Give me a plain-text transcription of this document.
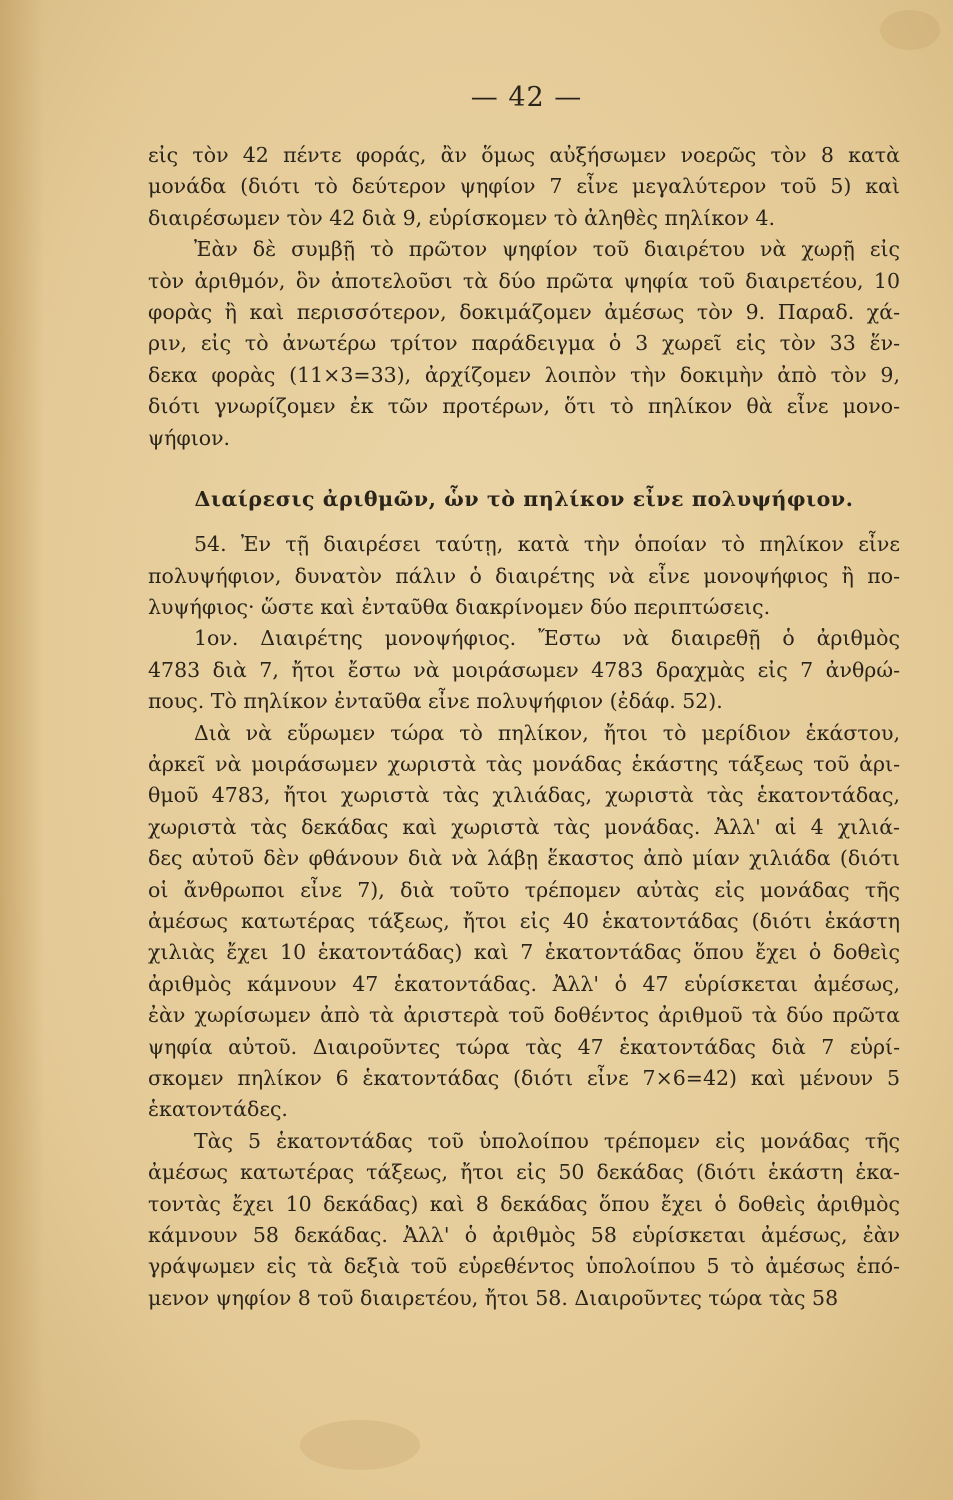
— 42 —
εἰς τὸν 42 πέντε φοράς, ἂν ὅμως αὐξήσωμεν νοερῶς τὸν 8 κατὰ
μονάδα (διότι τὸ δεύτερον ψηφίον 7 εἶνε μεγαλύτερον τοῦ 5) καὶ
διαιρέσωμεν τὸν 42 διὰ 9, εὑρίσκομεν τὸ ἀληθὲς πηλίκον 4.
Ἐὰν δὲ συμβῇ τὸ πρῶτον ψηφίον τοῦ διαιρέτου νὰ χωρῇ εἰς
τὸν ἀριθμόν, ὃν ἀποτελοῦσι τὰ δύο πρῶτα ψηφία τοῦ διαιρετέου, 10
φορὰς ἢ καὶ περισσότερον, δοκιμάζομεν ἀμέσως τὸν 9. Παραδ. χά-
ριν, εἰς τὸ ἀνωτέρω τρίτον παράδειγμα ὁ 3 χωρεῖ εἰς τὸν 33 ἕν-
δεκα φορὰς (11×3=33), ἀρχίζομεν λοιπὸν τὴν δοκιμὴν ἀπὸ τὸν 9,
διότι γνωρίζομεν ἐκ τῶν προτέρων, ὅτι τὸ πηλίκον θὰ εἶνε μονο-
ψήφιον.
Διαίρεσις ἀριθμῶν, ὧν τὸ πηλίκον εἶνε πολυψήφιον.
54. Ἐν τῇ διαιρέσει ταύτῃ, κατὰ τὴν ὁποίαν τὸ πηλίκον εἶνε
πολυψήφιον, δυνατὸν πάλιν ὁ διαιρέτης νὰ εἶνε μονοψήφιος ἢ πο-
λυψήφιος· ὥστε καὶ ἐνταῦθα διακρίνομεν δύο περιπτώσεις.
1ον. Διαιρέτης μονοψήφιος. Ἔστω νὰ διαιρεθῇ ὁ ἀριθμὸς
4783 διὰ 7, ἤτοι ἔστω νὰ μοιράσωμεν 4783 δραχμὰς εἰς 7 ἀνθρώ-
πους. Τὸ πηλίκον ἐνταῦθα εἶνε πολυψήφιον (ἐδάφ. 52).
Διὰ νὰ εὕρωμεν τώρα τὸ πηλίκον, ἤτοι τὸ μερίδιον ἑκάστου,
ἀρκεῖ νὰ μοιράσωμεν χωριστὰ τὰς μονάδας ἑκάστης τάξεως τοῦ ἀρι-
θμοῦ 4783, ἤτοι χωριστὰ τὰς χιλιάδας, χωριστὰ τὰς ἑκατοντάδας,
χωριστὰ τὰς δεκάδας καὶ χωριστὰ τὰς μονάδας. Ἀλλ' αἱ 4 χιλιά-
δες αὐτοῦ δὲν φθάνουν διὰ νὰ λάβῃ ἕκαστος ἀπὸ μίαν χιλιάδα (διότι
οἱ ἄνθρωποι εἶνε 7), διὰ τοῦτο τρέπομεν αὐτὰς εἰς μονάδας τῆς
ἀμέσως κατωτέρας τάξεως, ἤτοι εἰς 40 ἑκατοντάδας (διότι ἑκάστη
χιλιὰς ἔχει 10 ἑκατοντάδας) καὶ 7 ἑκατοντάδας ὅπου ἔχει ὁ δοθεὶς
ἀριθμὸς κάμνουν 47 ἑκατοντάδας. Ἀλλ' ὁ 47 εὑρίσκεται ἀμέσως,
ἐὰν χωρίσωμεν ἀπὸ τὰ ἀριστερὰ τοῦ δοθέντος ἀριθμοῦ τὰ δύο πρῶτα
ψηφία αὐτοῦ. Διαιροῦντες τώρα τὰς 47 ἑκατοντάδας διὰ 7 εὑρί-
σκομεν πηλίκον 6 ἑκατοντάδας (διότι εἶνε 7×6=42) καὶ μένουν 5
ἑκατοντάδες.
Τὰς 5 ἑκατοντάδας τοῦ ὑπολοίπου τρέπομεν εἰς μονάδας τῆς
ἀμέσως κατωτέρας τάξεως, ἤτοι εἰς 50 δεκάδας (διότι ἑκάστη ἑκα-
τοντὰς ἔχει 10 δεκάδας) καὶ 8 δεκάδας ὅπου ἔχει ὁ δοθεὶς ἀριθμὸς
κάμνουν 58 δεκάδας. Ἀλλ' ὁ ἀριθμὸς 58 εὑρίσκεται ἀμέσως, ἐὰν
γράψωμεν εἰς τὰ δεξιὰ τοῦ εὑρεθέντος ὑπολοίπου 5 τὸ ἀμέσως ἑπό-
μενον ψηφίον 8 τοῦ διαιρετέου, ἤτοι 58. Διαιροῦντες τώρα τὰς 58
